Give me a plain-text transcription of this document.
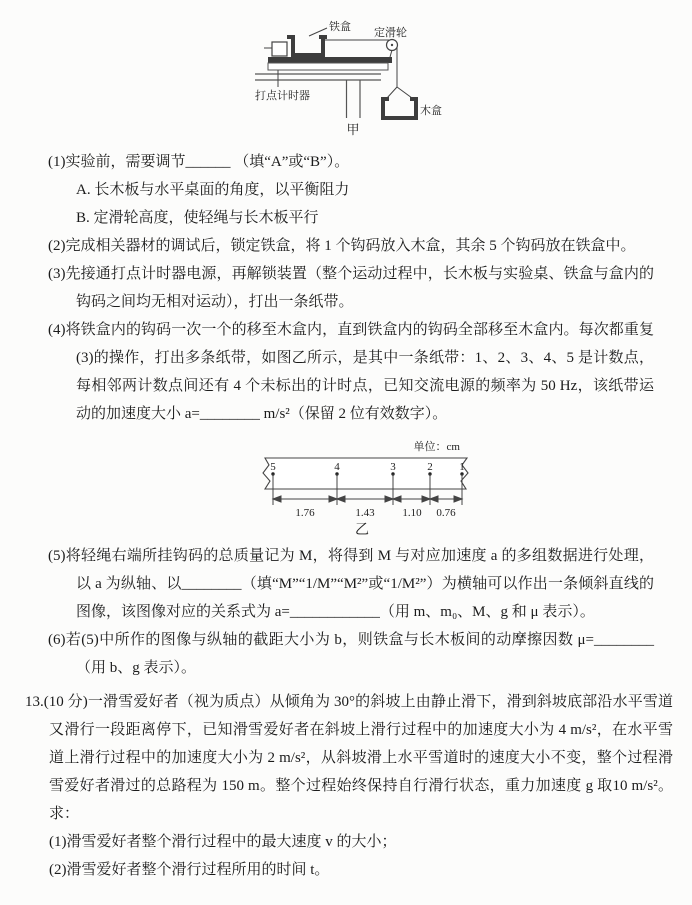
铁盒 定滑轮
打点计时器
木盒
甲
(1)实验前，需要调节______ （填“A”或“B”）。
A. 长木板与水平桌面的角度，以平衡阻力
B. 定滑轮高度，使轻绳与长木板平行
(2)完成相关器材的调试后，锁定铁盒，将 1 个钩码放入木盒，其余 5 个钩码放在铁盒中。
(3)先接通打点计时器电源，再解锁装置（整个运动过程中，长木板与实验桌、铁盒与盒内的钩码之间均无相对运动），打出一条纸带。
(4)将铁盒内的钩码一次一个的移至木盒内，直到铁盒内的钩码全部移至木盒内。每次都重复(3)的操作，打出多条纸带，如图乙所示，是其中一条纸带：1、2、3、4、5 是计数点，每相邻两计数点间还有 4 个未标出的计时点，已知交流电源的频率为 50 Hz，该纸带运动的加速度大小 a=________ m/s²（保留 2 位有效数字）。
单位：cm
5	4	3	2 1
1.76	1.43	1.10 0.76
乙
(5)将轻绳右端所挂钩码的总质量记为 M，将得到 M 与对应加速度 a 的多组数据进行处理，以 a 为纵轴、以________（填“M”“1/M”“M²”或“1/M²”）为横轴可以作出一条倾斜直线的图像，该图像对应的关系式为 a=____________（用 m、m₀、M、g 和 μ 表示）。
(6)若(5)中所作的图像与纵轴的截距大小为 b，则铁盒与长木板间的动摩擦因数 μ=________（用 b、g 表示）。
13.(10 分)一滑雪爱好者（视为质点）从倾角为 30°的斜坡上由静止滑下，滑到斜坡底部沿水平雪道又滑行一段距离停下，已知滑雪爱好者在斜坡上滑行过程中的加速度大小为 4 m/s²，在水平雪道上滑行过程中的加速度大小为 2 m/s²，从斜坡滑上水平雪道时的速度大小不变，整个过程滑雪爱好者滑过的总路程为 150 m。整个过程始终保持自行滑行状态，重力加速度 g 取10 m/s²。求：
(1)滑雪爱好者整个滑行过程中的最大速度 v 的大小；
(2)滑雪爱好者整个滑行过程所用的时间 t。
